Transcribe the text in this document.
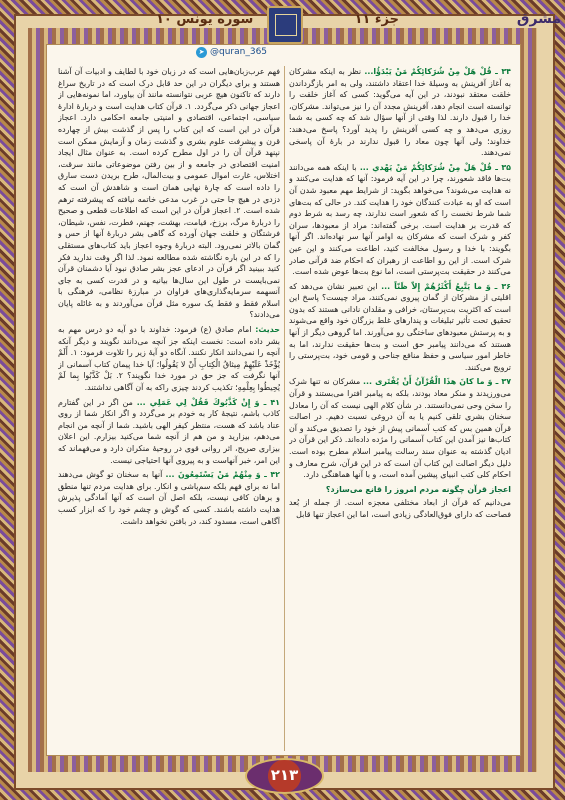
جزء ۱۱
سوره یونس ۱۰	مشرق
➤ @quran_365

۳۴ ـ قُلْ هَلْ مِنْ شُرَكائِكُمْ مَنْ يَبْدَؤُا... نظر به اینکه مشرکان به آغاز آفرینش به وسیلهٔ خدا اعتقاد داشتند، ولی به امر بازگرداندن خلقت معتقد نبودند، در این آیه می‌گوید: کسی که آغاز خلقت را توانسته است انجام دهد، آفرینش مجدد آن را نیز می‌تواند. مشرکان، خدا را قبول دارند. لذا وقتی از آنها سؤال شد که چه کسی به شما روزی می‌دهد و چه کسی آفرینش را پدید آورد؟ پاسخ می‌دهند: خداوند؛ ولی آنها چون معاد را قبول ندارند در بارهٔ آن پاسخی نمی‌دهند.

۳۵ ـ قُلْ هَلْ مِنْ شُرَكائِكُمْ مَنْ يَهْدي ... با اینکه همه می‌دانند بت‌ها فاقد شعورند، چرا در این آیه فرمود: آنها که هدایت می‌کنند و نه هدایت می‌شوند؟ می‌خواهد بگوید: از شرایط مهم معبود شدن آن است که او به عبادت کنندگان خود را هدایت کند. در حالی که بت‌های شما شرط نخست را که شعور است ندارند، چه رسد به شرط دوم که قدرت بر هدایت است. برخی گفته‌اند: مراد از معبودها، سران کفر و شرک است که مشرکان به اوامر آنها سر نهاده‌اند. اگر آنها بگویند: با خدا و رسول مخالفت کنید، اطاعت می‌کنند و این عین شرک است. از این رو اطاعت از رهبران که احکام ضد قرآنی صادر می‌کنند در حقیقت بت‌پرستی است، اما نوع بت‌ها عوض شده است.

۳۶ ـ وَ ما يَتَّبِعُ أَكْثَرُهُمْ إِلاّ ظَنّاً ... این تعبیر نشان می‌دهد که اقلیتی از مشرکان از گمان پیروی نمی‌کنند، مراد چیست؟ پاسخ این است که اکثریت بت‌پرستان، خرافی و مقلدان نادانی هستند که بدون تحقیق تحت تأثیر تبلیغات و پندارهای غلط بزرگان خود واقع می‌شوند و به پرستش معبودهای ساختگی رو می‌آورند. اما گروهی دیگر از آنها هستند که می‌دانند پیامبر حق است و بت‌ها حقیقت ندارند، اما به خاطر امور سیاسی و حفظ منافع جناحی و قومی خود، بت‌پرستی را ترویج می‌کنند.

۳۷ ـ وَ ما كانَ هذَا الْقُرْآنُ أَنْ يُفْتَرى ... مشرکان نه تنها شرک می‌ورزیدند و منکر معاد بودند، بلکه به پیامبر افترا می‌بستند و قرآن را سخن وحی نمی‌دانستند. در شأن کلام الهی نیست که آن را معادل سخنان بشری تلقی کنیم یا به آن دروغی نسبت دهیم. در اصالت قرآن همین بس که کتب آسمانی پیش از خود را تصدیق می‌کند و آن کتاب‌ها نیز آمدن این کتاب آسمانی را مژده داده‌اند. ذکر این قرآن در ادیان گذشته به عنوان سند رسالت پیامبر اسلام مطرح بوده است. دلیل دیگر اصالت این کتاب آن است که در این قرآن، شرح معارف و احکام کلی کتب انبیای پیشین آمده است، و با آنها هماهنگی دارد.

اعجاز قرآن چگونه مردم امروز را قانع می‌سازد؟
می‌دانیم که قرآن از ابعاد مختلفی معجزه است. از جمله از بُعد فصاحت که دارای فوق‌العادگی زیادی است، اما این اعجاز تنها قابل

فهم عرب‌زبان‌هایی است که در زبان خود با لطایف و ادبیات آن آشنا هستند و برای دیگران در این حد قابل درک است که در تاریخ سراغ دارند که تاکنون هیچ عربی نتوانسته مانند آن بیاورد، اما نمونه‌هایی از اعجاز جهانی ذکر می‌گردد. ۱. قرآن کتاب هدایت است و دربارهٔ ادارهٔ سیاسی، اجتماعی، اقتصادی و امنیتی جامعه احکامی دارد. اعجاز قرآن در این است که این کتاب را پس از گذشت بیش از چهارده قرن و پیشرفت علوم بشری و گذشت زمان و آزمایش ممکن است نپنهد قرآن آن را در اول مطرح کرده است. به عنوان مثال ایجاد امنیت اقتصادی در جامعه و از بین رفتن موضوعاتی مانند سرقت، اختلاس، غارت اموال عمومی و بیت‌المال، طرح بریدن دست سارق را داده است که چارهٔ نهایی همان است و شاهدش آن است که دزدی در هیچ جا حتی در غرب مدعی خاتمه نیافته که پیشرفته ترهم شده است. ۲. اعجاز قرآن در این است که اطلاعات قطعی و صحیح را دربارهٔ مرگ، برزخ، قیامت، بهشت، جهنم، فطرت، نفس، شیطان، فرشتگان و خلقت جهان آورده که گاهی بشر دربارهٔ آنها از حس و گمان بالاتر نمی‌رود. البته دربارهٔ وجوه اعجاز باید کتاب‌های مستقلی را که در این باره نگاشته شده مطالعه نمود. لذا اگر وقت ندارید فکر کنید ببینید اگر قرآن در ادعای عجز بشر صادق نبود آیا دشمنان قرآن نمی‌بایست در طول این سال‌ها بیانیه و در قدرت کسی به جای آنسهمه سرمایه‌گذاری‌های فراوان در مبارزهٔ نظامی، فرهنگی با اسلام فقط و فقط یک سوره مثل قرآن می‌آوردند و به غائله پایان می‌دادند؟

حدیث: امام صادق (ع) فرمود: خداوند با دو آیه دو درس مهم به بشر داده است: نخست اینکه جز آنچه می‌دانند نگویند و دیگر آنکه آنچه را نمی‌دانند انکار نکنند. آنگاه دو آیهٔ زیر را تلاوت فرمود: ۱. أَلَمْ يُؤْخَذْ عَلَيْهِمْ مِيثاقُ الْكِتابِ أَنْ لا يَقُولُوا؛ آیا خدا پیمان کتاب آسمانی از آنها نگرفت که جز حق در مورد خدا نگویند؟ ۲. بَلْ كَذَّبُوا بِما لَمْ يُحِيطُوا بِعِلْمِهِ؛ تکذیب کردند چیزی راکه به آن آگاهی نداشتند.

۴۱ ـ وَ إِنْ كَذَّبُوكَ فَقُلْ لِي عَمَلِي ... من اگر در این گفتارم کاذب باشم، نتیجهٔ کار به خودم بر می‌گردد و اگر انکار شما از روی عناد باشد که هست، منتظر کیفر الهی باشید. شما از آنچه من انجام می‌دهم، بیزارید و من هم از آنچه شما می‌کنید بیزارم. این اعلان بیزاری صریح، اثر روانی قوی در روحیهٔ منکران دارد و می‌فهماند که این امر، خبر آنهاست و به پیروی آنها احتیاجی نیست.

۴۲ ـ وَ مِنْهُمْ مَنْ يَسْتَمِعُونَ ... آنها به سخنان تو گوش می‌دهند اما نه برای فهم بلکه سم‌پاشی و انکار. برای هدایت مردم تنها منطق و برهان کافی نیست، بلکه اصل آن است که آنها آمادگی پذیرش هدایت داشته باشند. کسی که گوش و چشم خود را که ابزار کسب آگاهی است، مسدود کند، در بافتن نخواهد داشت.

۲۱۳
